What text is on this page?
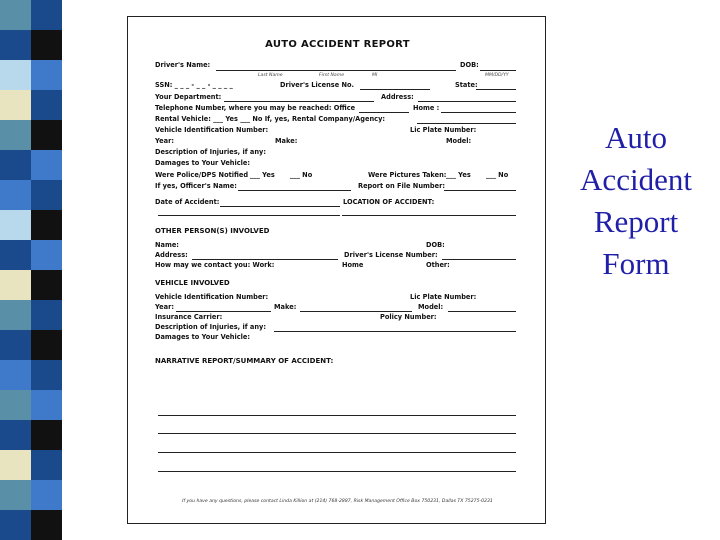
AUTO ACCIDENT REPORT
Driver's Name:	DOB:
Last Name	First Name	MI	MM/DD/YY
SSN: _ _ _ - _ _ - _ _ _ _	Driver's License No.	State:
Your Department:	Address:
Telephone Number, where you may be reached: Office	Home :
Rental Vehicle: ___ Yes ___ No If, yes, Rental Company/Agency:
Vehicle Identification Number:	Lic Plate Number:
Year:	Make:	Model:
Description of Injuries, if any:
Damages to Your Vehicle:
Were Police/DPS Notified ___ Yes ___ No	Were Pictures Taken: ___ Yes ___ No
If yes, Officer's Name:	Report on File Number:
Date of Accident:	LOCATION OF ACCIDENT:
OTHER PERSON(S) INVOLVED
Name:	DOB:
Address:	Driver's License Number:
How may we contact you: Work:	Home	Other:
VEHICLE INVOLVED
Vehicle Identification Number:	Lic Plate Number:
Year:	Make:	Model:
Insurance Carrier:	Policy Number:
Description of Injuries, if any:
Damages to Your Vehicle:
NARRATIVE REPORT/SUMMARY OF ACCIDENT:
If you have any questions, please contact Linda Killion at (214) 768-2887, Risk Management Office Box 750231, Dallas TX 75275-0231
Auto
Accident
Report
Form
